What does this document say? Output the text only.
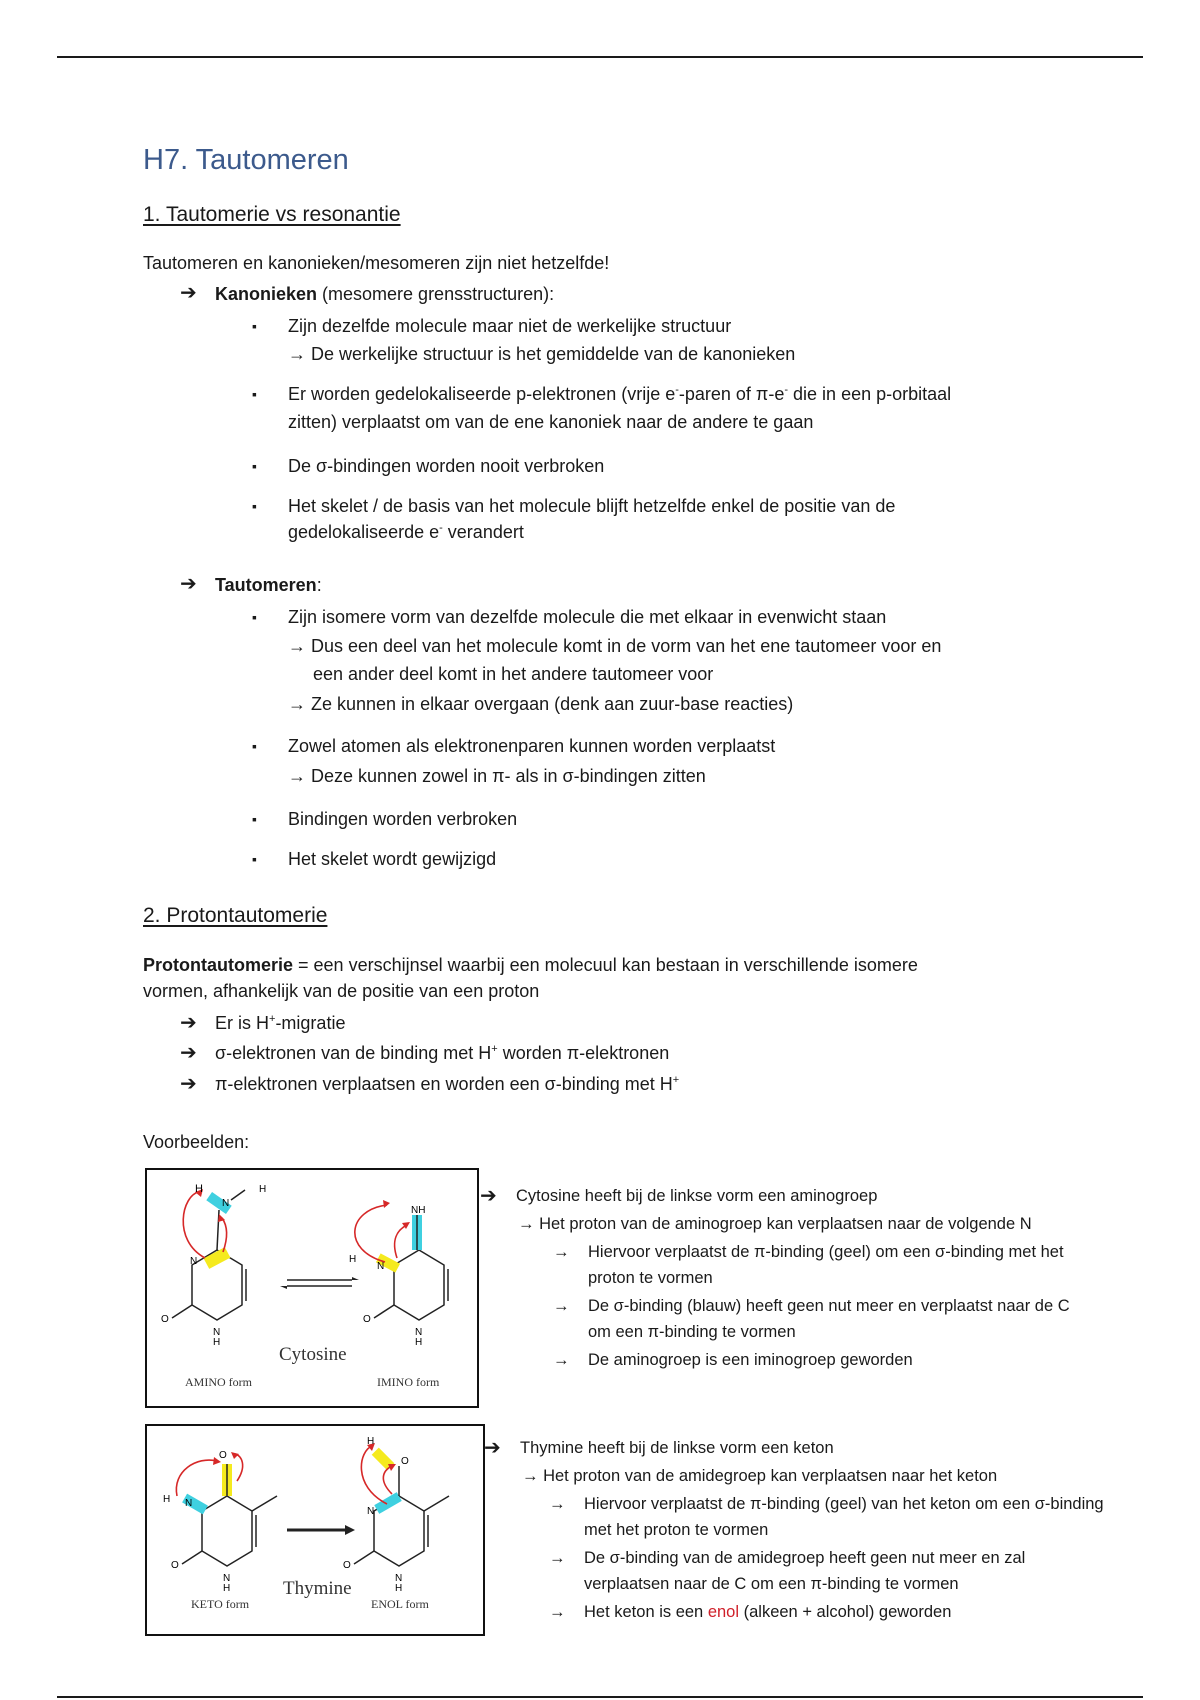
H7. Tautomeren
1. Tautomerie vs resonantie
Tautomeren en kanonieken/mesomeren zijn niet hetzelfde!
➔ Kanonieken (mesomere grensstructuren):
▪ Zijn dezelfde molecule maar niet de werkelijke structuur
→ De werkelijke structuur is het gemiddelde van de kanonieken
▪ Er worden gedelokaliseerde p-elektronen (vrije e--paren of π-e- die in een p-orbitaal
zitten) verplaatst om van de ene kanoniek naar de andere te gaan
▪ De σ-bindingen worden nooit verbroken
▪ Het skelet / de basis van het molecule blijft hetzelfde enkel de positie van de
gedelokaliseerde e- verandert
➔ Tautomeren:
▪ Zijn isomere vorm van dezelfde molecule die met elkaar in evenwicht staan
→ Dus een deel van het molecule komt in de vorm van het ene tautomeer voor en
een ander deel komt in het andere tautomeer voor
→ Ze kunnen in elkaar overgaan (denk aan zuur-base reacties)
▪ Zowel atomen als elektronenparen kunnen worden verplaatst
→ Deze kunnen zowel in π- als in σ-bindingen zitten
▪ Bindingen worden verbroken
▪ Het skelet wordt gewijzigd
2. Protontautomerie
Protontautomerie = een verschijnsel waarbij een molecuul kan bestaan in verschillende isomere
vormen, afhankelijk van de positie van een proton
➔ Er is H+-migratie
➔ σ-elektronen van de binding met H+ worden π-elektronen
➔ π-elektronen verplaatsen en worden een σ-binding met H+
Voorbeelden:
H
N
H
N
N
H
O
NH
H
N
N
H
O
Cytosine
AMINO form	IMINO form
➔ Cytosine heeft bij de linkse vorm een aminogroep
→ Het proton van de aminogroep kan verplaatsen naar de volgende N
→ Hiervoor verplaatst de π-binding (geel) om een σ-binding met het
proton te vormen
→ De σ-binding (blauw) heeft geen nut meer en verplaatst naar de C
om een π-binding te vormen
→ De aminogroep is een iminogroep geworden
O
H N
N
H
O
H
O
N
N
H
O
Thymine
KETO form	ENOL form
➔ Thymine heeft bij de linkse vorm een keton
→ Het proton van de amidegroep kan verplaatsen naar het keton
→ Hiervoor verplaatst de π-binding (geel) van het keton om een σ-binding
met het proton te vormen
→ De σ-binding van de amidegroep heeft geen nut meer en zal
verplaatsen naar de C om een π-binding te vormen
→ Het keton is een enol (alkeen + alcohol) geworden
